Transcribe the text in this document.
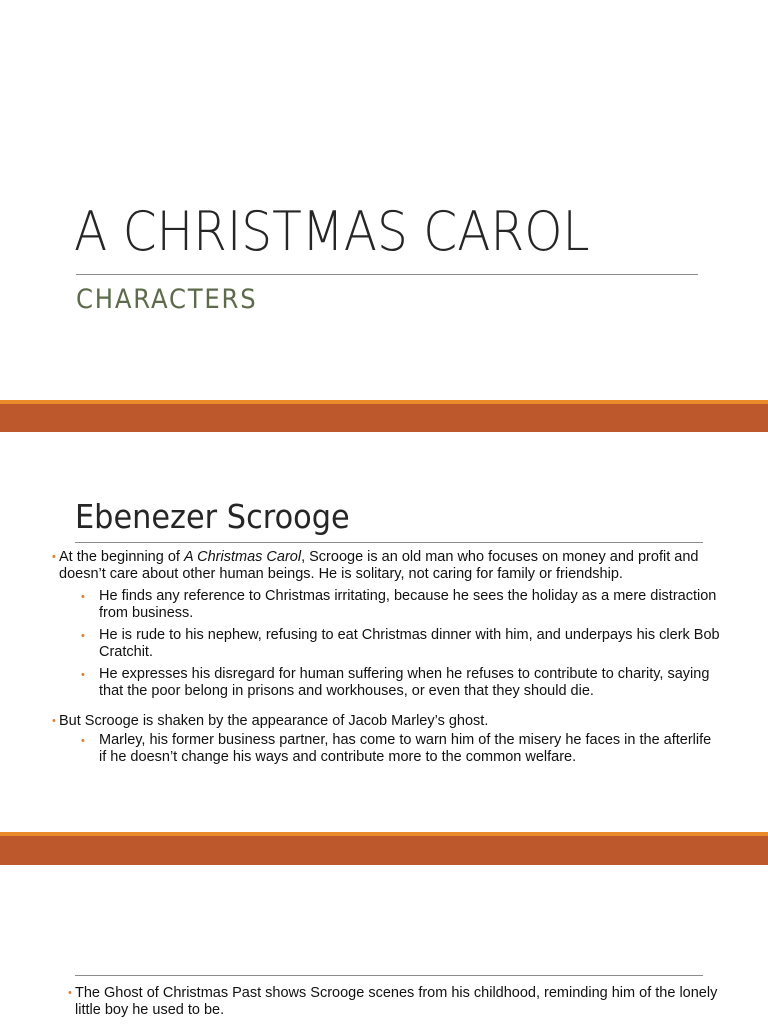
A CHRISTMAS CAROL
CHARACTERS
Ebenezer Scrooge
• At the beginning of A Christmas Carol, Scrooge is an old man who focuses on money and profit and doesn’t care about other human beings. He is solitary, not caring for family or friendship.
• He finds any reference to Christmas irritating, because he sees the holiday as a mere distraction from business.
• He is rude to his nephew, refusing to eat Christmas dinner with him, and underpays his clerk Bob Cratchit.
• He expresses his disregard for human suffering when he refuses to contribute to charity, saying that the poor belong in prisons and workhouses, or even that they should die.
• But Scrooge is shaken by the appearance of Jacob Marley’s ghost.
• Marley, his former business partner, has come to warn him of the misery he faces in the afterlife if he doesn’t change his ways and contribute more to the common welfare.
• The Ghost of Christmas Past shows Scrooge scenes from his childhood, reminding him of the lonely little boy he used to be.
